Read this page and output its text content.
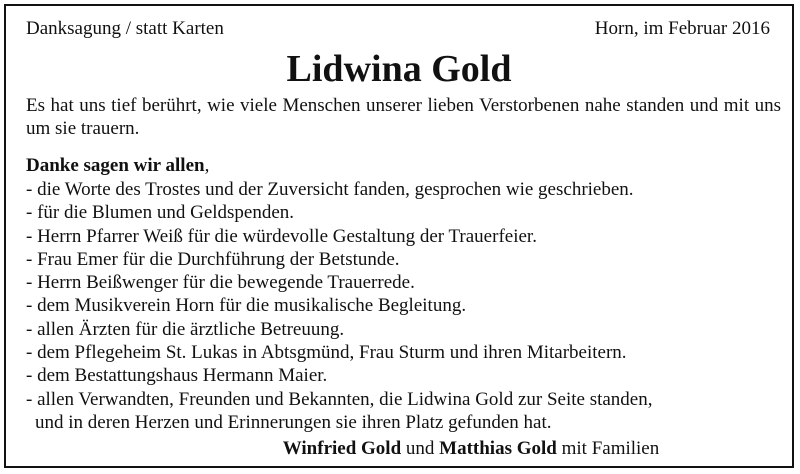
Danksagung / statt Karten	Horn, im Februar 2016
Lidwina Gold
Es hat uns tief berührt, wie viele Menschen unserer lieben Verstorbenen nahe standen und mit uns um sie trauern.
Danke sagen wir allen,
- die Worte des Trostes und der Zuversicht fanden, gesprochen wie geschrieben.
- für die Blumen und Geldspenden.
- Herrn Pfarrer Weiß für die würdevolle Gestaltung der Trauerfeier.
- Frau Emer für die Durchführung der Betstunde.
- Herrn Beißwenger für die bewegende Trauerrede.
- dem Musikverein Horn für die musikalische Begleitung.
- allen Ärzten für die ärztliche Betreuung.
- dem Pflegeheim St. Lukas in Abtsgmünd, Frau Sturm und ihren Mitarbeitern.
- dem Bestattungshaus Hermann Maier.
- allen Verwandten, Freunden und Bekannten, die Lidwina Gold zur Seite standen,
und in deren Herzen und Erinnerungen sie ihren Platz gefunden hat.
Winfried Gold und Matthias Gold mit Familien
